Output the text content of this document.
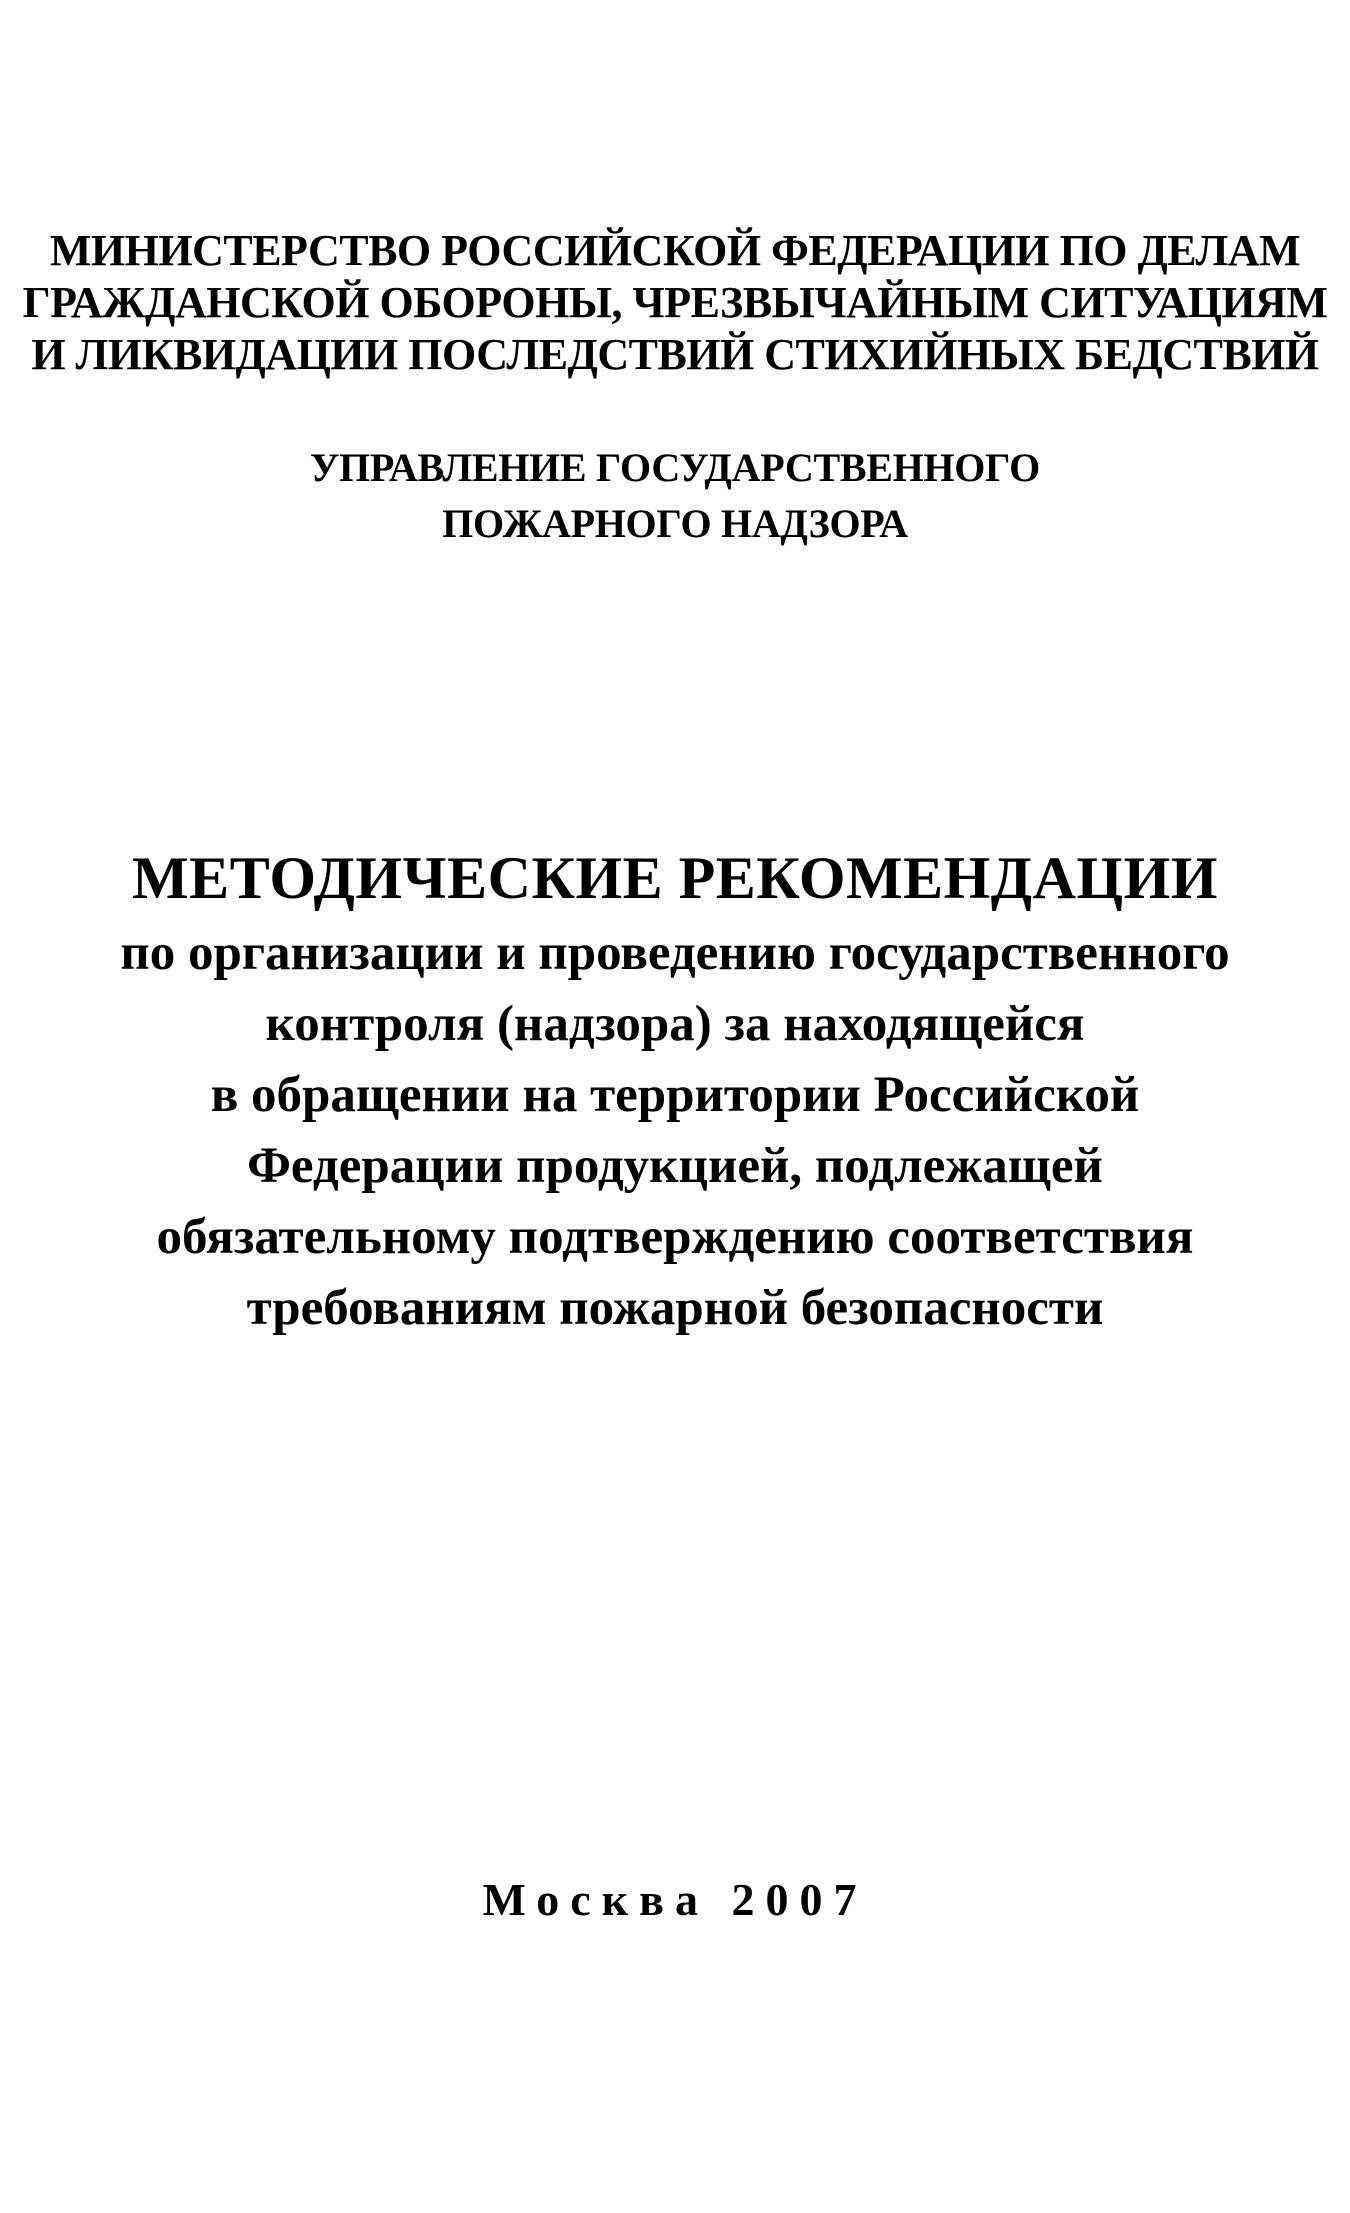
МИНИСТЕРСТВО РОССИЙСКОЙ ФЕДЕРАЦИИ ПО ДЕЛАМ
ГРАЖДАНСКОЙ ОБОРОНЫ, ЧРЕЗВЫЧАЙНЫМ СИТУАЦИЯМ
И ЛИКВИДАЦИИ ПОСЛЕДСТВИЙ СТИХИЙНЫХ БЕДСТВИЙ
УПРАВЛЕНИЕ ГОСУДАРСТВЕННОГО
ПОЖАРНОГО НАДЗОРА
МЕТОДИЧЕСКИЕ РЕКОМЕНДАЦИИ
по организации и проведению государственного
контроля (надзора) за находящейся
в обращении на территории Российской
Федерации продукцией, подлежащей
обязательному подтверждению соответствия
требованиям пожарной безопасности
Москва 2007
